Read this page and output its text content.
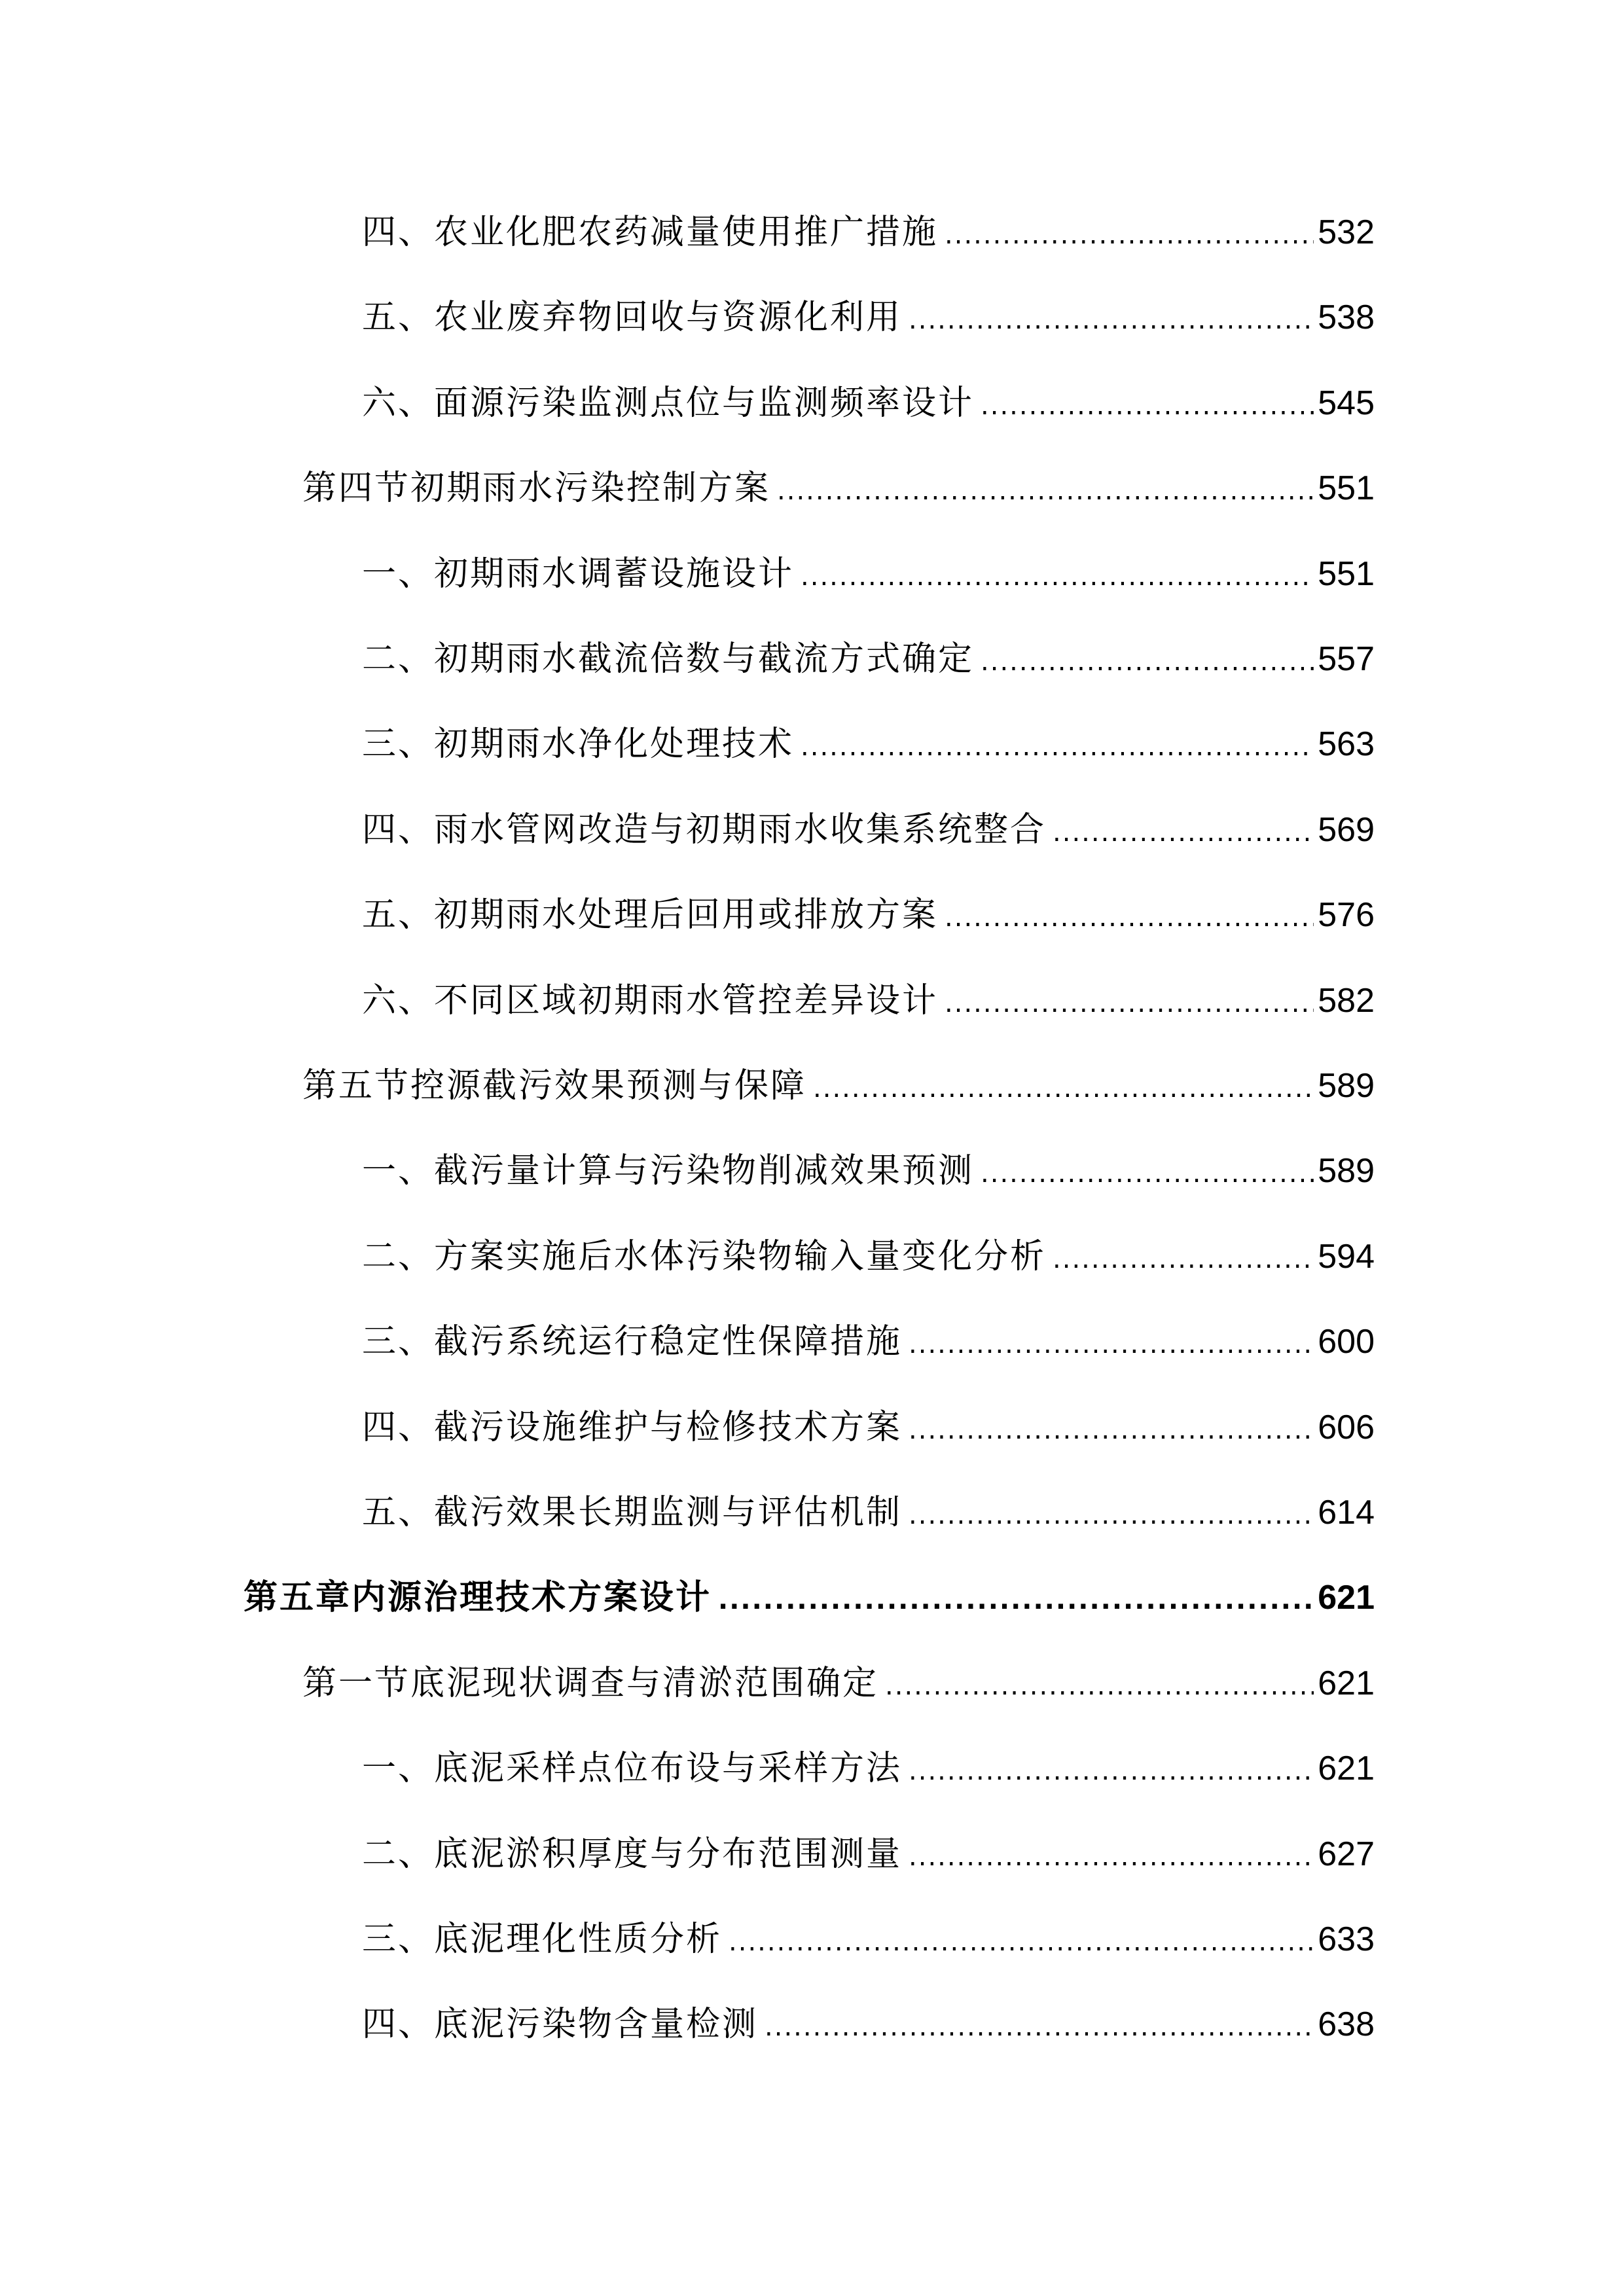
四、农业化肥农药减量使用推广措施 .....	532
五、农业废弃物回收与资源化利用 .....	538
六、面源污染监测点位与监测频率设计 .....	545
第四节初期雨水污染控制方案 .....	551
一、初期雨水调蓄设施设计 .....	551
二、初期雨水截流倍数与截流方式确定 .....	557
三、初期雨水净化处理技术 .....	563
四、雨水管网改造与初期雨水收集系统整合 .....	569
五、初期雨水处理后回用或排放方案 .....	576
六、不同区域初期雨水管控差异设计 .....	582
第五节控源截污效果预测与保障 .....	589
一、截污量计算与污染物削减效果预测 .....	589
二、方案实施后水体污染物输入量变化分析 .....	594
三、截污系统运行稳定性保障措施 .....	600
四、截污设施维护与检修技术方案 .....	606
五、截污效果长期监测与评估机制 .....	614
第五章内源治理技术方案设计 .....	621
第一节底泥现状调查与清淤范围确定 .....	621
一、底泥采样点位布设与采样方法 .....	621
二、底泥淤积厚度与分布范围测量 .....	627
三、底泥理化性质分析 .....	633
四、底泥污染物含量检测 .....	638
